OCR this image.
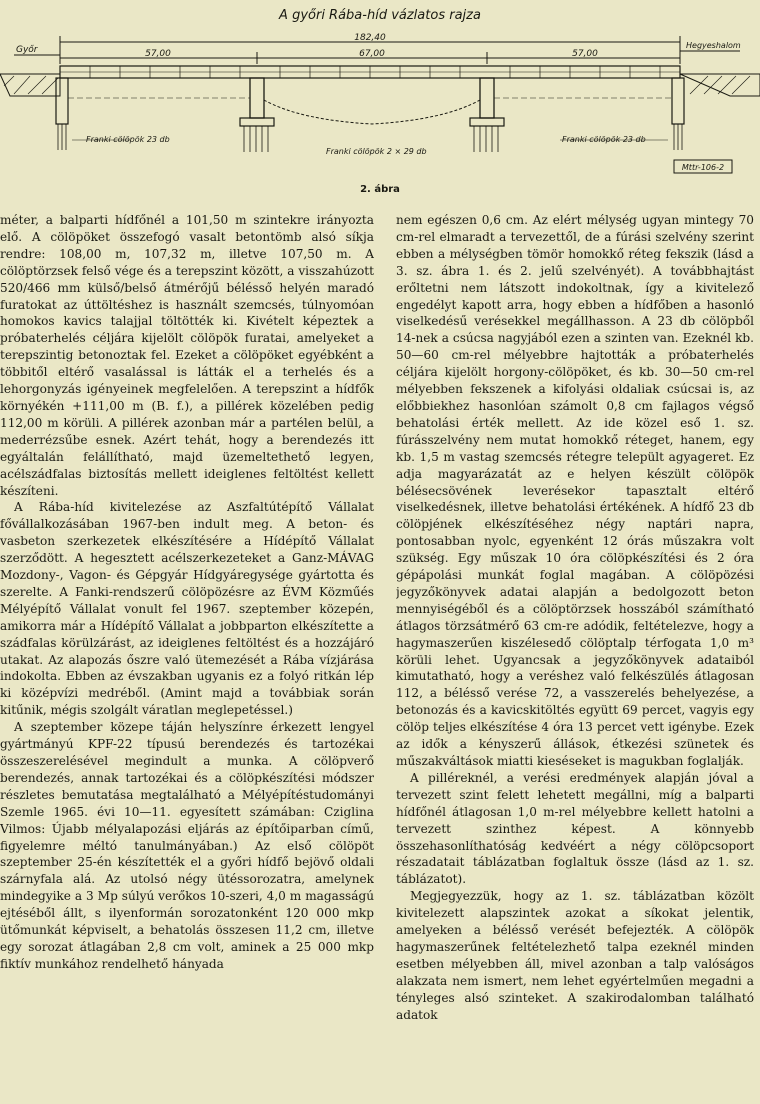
A győri Rába-híd vázlatos rajza
182,40
57,00	67,00	57,00
Győr	Hegyeshalom
Franki cölöpök 23 db
Franki cölöpök 2 × 29 db
Franki cölöpök 23 db
Mttr-106-2
2. ábra

méter, a balparti hídfőnél a 101,50 m szintekre irányozta elő. A cölöpöket összefogó vasalt betontömb alsó síkja rendre: 108,00 m, 107,32 m, illetve 107,50 m. A cölöptörzsek felső vége és a terepszint között, a visszahúzott 520/466 mm külső/belső átmérőjű bélésső helyén maradó furatokat az úttöltéshez is használt szemcsés, túlnyomóan homokos kavics talajjal töltötték ki. Kivételt képeztek a próbaterhelés céljára kijelölt cölöpök furatai, amelyeket a terepszintig betonoztak fel. Ezeket a cölöpöket egyébként a többitől eltérő vasalással is látták el a terhelés és a lehorgonyzás igényeinek megfelelően. A terepszint a hídfők környékén +111,00 m (B. f.), a pillérek közelében pedig 112,00 m körüli. A pillérek azonban már a partélen belül, a mederrézsűbe esnek. Azért tehát, hogy a berendezés itt egyáltalán felállítható, majd üzemeltethető legyen, acélszádfalas biztosítás mellett ideiglenes feltöltést kellett készíteni.

A Rába-híd kivitelezése az Aszfaltútépítő Vállalat fővállalkozásában 1967-ben indult meg. A beton- és vasbeton szerkezetek elkészítésére a Hídépítő Vállalat szerződött. A hegesztett acélszerkezeteket a Ganz-MÁVAG Mozdony-, Vagon- és Gépgyár Hídgyáregysége gyártotta és szerelte. A Fanki-rendszerű cölöpözésre az ÉVM Közműés Mélyépítő Vállalat vonult fel 1967. szeptember közepén, amikorra már a Hídépítő Vállalat a jobbparton elkészítette a szádfalas körülzárást, az ideiglenes feltöltést és a hozzájáró utakat. Az alapozás őszre való ütemezését a Rába vízjárása indokolta. Ebben az évszakban ugyanis ez a folyó ritkán lép ki középvízi medréből. (Amint majd a továbbiak során kitűnik, mégis szolgált váratlan meglepetéssel.)

A szeptember közepe táján helyszínre érkezett lengyel gyártmányú KPF-22 típusú berendezés és tartozékai összeszerelésével megindult a munka. A cölöpverő berendezés, annak tartozékai és a cölöpkészítési módszer részletes bemutatása megtalálható a Mélyépítéstudományi Szemle 1965. évi 10—11. egyesített számában: Cziglina Vilmos: Újabb mélyalapozási eljárás az építőiparban című, figyelemre méltó tanulmányában.) Az első cölöpöt szeptember 25-én készítették el a győri hídfő bejövő oldali szárnyfala alá. Az utolsó négy ütéssorozatra, amelynek mindegyike a 3 Mp súlyú verőkos 10-szeri, 4,0 m magasságú ejtéséből állt, s ilyenformán sorozatonként 120 000 mkp ütőmunkát képviselt, a behatolás összesen 11,2 cm, illetve egy sorozat átlagában 2,8 cm volt, aminek a 25 000 mkp fiktív munkához rendelhető hányada

nem egészen 0,6 cm. Az elért mélység ugyan mintegy 70 cm-rel elmaradt a tervezettől, de a fúrási szelvény szerint ebben a mélységben tömör homokkő réteg fekszik (lásd a 3. sz. ábra 1. és 2. jelű szelvényét). A továbbhajtást erőltetni nem látszott indokoltnak, így a kivitelező engedélyt kapott arra, hogy ebben a hídfőben a hasonló viselkedésű verésekkel megállhasson. A 23 db cölöpből 14-nek a csúcsa nagyjából ezen a szinten van. Ezeknél kb. 50—60 cm-rel mélyebbre hajtották a próbaterhelés céljára kijelölt horgony-cölöpöket, és kb. 30—50 cm-rel mélyebben fekszenek a kifolyási oldaliak csúcsai is, az előbbiekhez hasonlóan számolt 0,8 cm fajlagos végső behatolási érték mellett. Az ide közel eső 1. sz. fúrásszelvény nem mutat homokkő réteget, hanem, egy kb. 1,5 m vastag szemcsés rétegre települt agyageret. Ez adja magyarázatát az e helyen készült cölöpök bélésecsövének leverésekor tapasztalt eltérő viselkedésnek, illetve behatolási értékének. A hídfő 23 db cölöpjének elkészítéséhez négy naptári napra, pontosabban nyolc, egyenként 12 órás műszakra volt szükség. Egy műszak 10 óra cölöpkészítési és 2 óra gépápolási munkát foglal magában. A cölöpözési jegyzőkönyvek adatai alapján a bedolgozott beton mennyiségéből és a cölöptörzsek hosszából számítható átlagos törzsátmérő 63 cm-re adódik, feltételezve, hogy a hagymaszerűen kiszélesedő cölöptalp térfogata 1,0 m³ körüli lehet. Ugyancsak a jegyzőkönyvek adataiból kimutatható, hogy a veréshez való felkészülés átlagosan 112, a bélésső verése 72, a vasszerelés behelyezése, a betonozás és a kavicskitöltés együtt 69 percet, vagyis egy cölöp teljes elkészítése 4 óra 13 percet vett igénybe. Ezek az idők a kényszerű állások, étkezési szünetek és műszakváltások miatti kieséseket is magukban foglalják.

A pilléreknél, a verési eredmények alapján jóval a tervezett szint felett lehetett megállni, míg a balparti hídfőnél átlagosan 1,0 m-rel mélyebbre kellett hatolni a tervezett szinthez képest. A könnyebb összehasonlíthatóság kedvéért a négy cölöpcsoport részadatait táblázatban foglaltuk össze (lásd az 1. sz. táblázatot).

Megjegyezzük, hogy az 1. sz. táblázatban közölt kivitelezett alapszintek azokat a síkokat jelentik, amelyeken a bélésső verését befejezték. A cölöpök hagymaszerűnek feltételezhető talpa ezeknél minden esetben mélyebben áll, mivel azonban a talp valóságos alakzata nem ismert, nem lehet egyértelműen megadni a tényleges alsó szinteket. A szakirodalomban található adatok
